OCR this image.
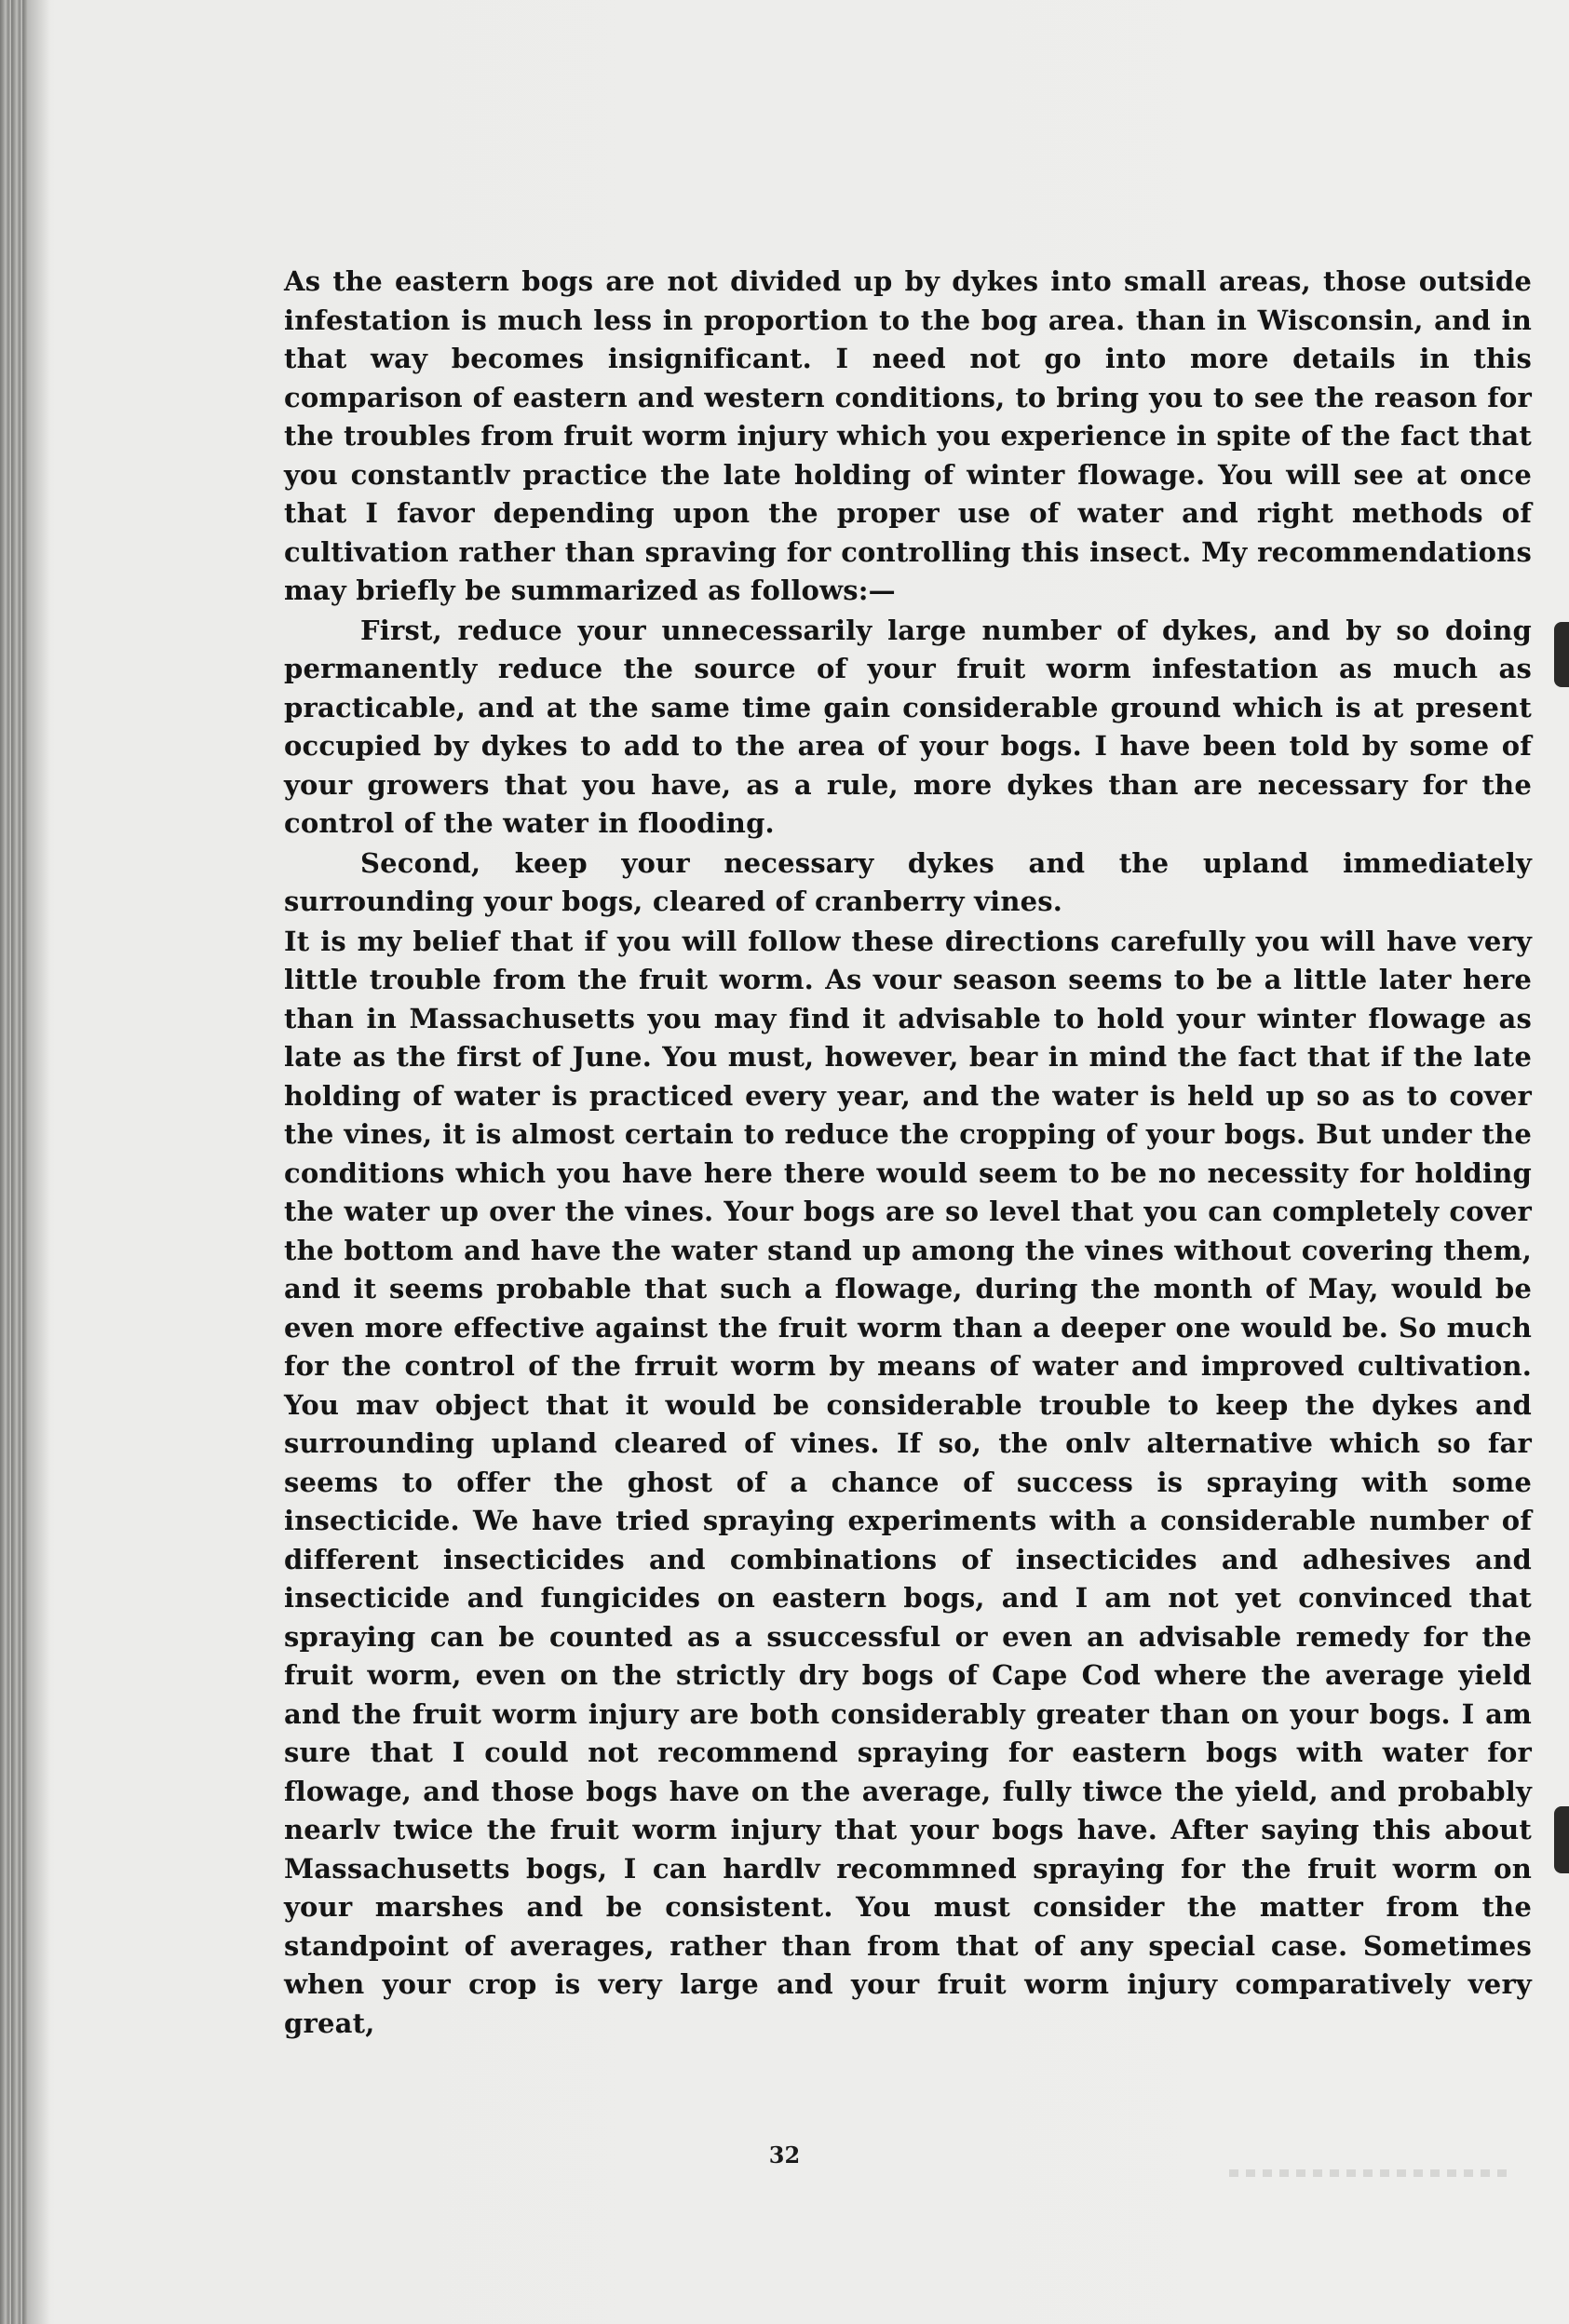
As the eastern bogs are not divided up by dykes into small areas, those outside infestation is much less in proportion to the bog area. than in Wisconsin, and in that way becomes insignificant. I need not go into more details in this comparison of eastern and western conditions, to bring you to see the reason for the troubles from fruit worm injury which you experience in spite of the fact that you constantlv practice the late holding of winter flowage. You will see at once that I favor depending upon the proper use of water and right methods of cultivation rather than spraving for controlling this insect. My recommendations may briefly be summarized as follows:—

First, reduce your unnecessarily large number of dykes, and by so doing permanently reduce the source of your fruit worm infestation as much as practicable, and at the same time gain considerable ground which is at present occupied by dykes to add to the area of your bogs. I have been told by some of your growers that you have, as a rule, more dykes than are necessary for the control of the water in flooding.

Second, keep your necessary dykes and the upland immediately surrounding your bogs, cleared of cranberry vines.

It is my belief that if you will follow these directions carefully you will have very little trouble from the fruit worm. As vour season seems to be a little later here than in Massachusetts you may find it advisable to hold your winter flowage as late as the first of June. You must, however, bear in mind the fact that if the late holding of water is practiced every year, and the water is held up so as to cover the vines, it is almost certain to reduce the cropping of your bogs. But under the conditions which you have here there would seem to be no necessity for holding the water up over the vines. Your bogs are so level that you can completely cover the bottom and have the water stand up among the vines without covering them, and it seems probable that such a flowage, during the month of May, would be even more effective against the fruit worm than a deeper one would be. So much for the control of the frruit worm by means of water and improved cultivation. You mav object that it would be considerable trouble to keep the dykes and surrounding upland cleared of vines. If so, the onlv alternative which so far seems to offer the ghost of a chance of success is spraying with some insecticide. We have tried spraying experiments with a considerable number of different insecticides and combinations of insecticides and adhesives and insecticide and fungicides on eastern bogs, and I am not yet convinced that spraying can be counted as a ssuccessful or even an advisable remedy for the fruit worm, even on the strictly dry bogs of Cape Cod where the average yield and the fruit worm injury are both considerably greater than on your bogs. I am sure that I could not recommend spraying for eastern bogs with water for flowage, and those bogs have on the average, fully tiwce the yield, and probably nearlv twice the fruit worm injury that your bogs have. After saying this about Massachusetts bogs, I can hardlv recommned spraying for the fruit worm on your marshes and be consistent. You must consider the matter from the standpoint of averages, rather than from that of any special case. Sometimes when your crop is very large and your fruit worm injury comparatively very great,

32
